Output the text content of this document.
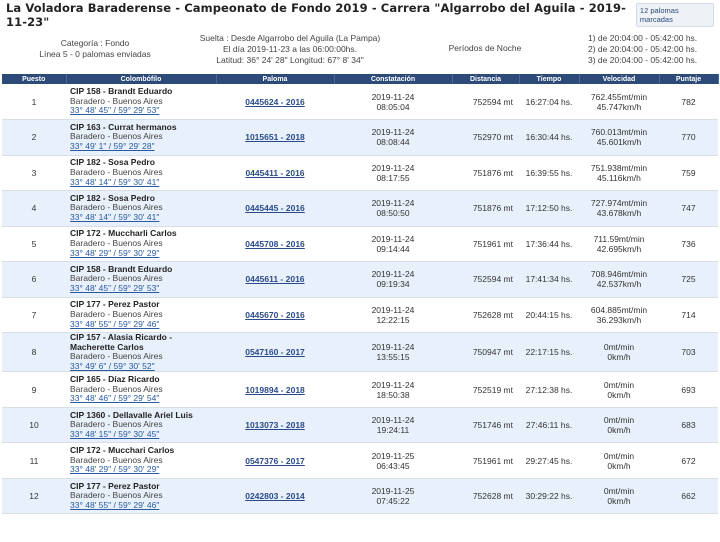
La Voladora Baraderense - Campeonato de Fondo 2019 - Carrera "Algarrobo del Aguila - 2019-11-23"
12 palomas marcadas
Categoría : Fondo
Línea 5 - 0 palomas enviadas
Suelta : Desde Algarrobo del Aguila (La Pampa)
El día 2019-11-23 a las 06:00:00hs.
Latitud: 36° 24' 28" Longitud: 67° 8' 34"
Períodos de Noche
1) de 20:04:00 - 05:42:00 hs.
2) de 20:04:00 - 05:42:00 hs.
3) de 20:04:00 - 05:42:00 hs.
Puesto	Colombófilo	Paloma	Constatación	Distancia	Tiempo	Velocidad	Puntaje
1	CIP 158 - Brandt Eduardo
Baradero - Buenos Aires
33° 48' 45" / 59° 29' 53"	0445624 - 2016	2019-11-24
08:05:04	752594 mt	16:27:04 hs.	762.455mt/min
45.747km/h	782
2	CIP 163 - Currat hermanos
Baradero - Buenos Aires
33° 49' 1" / 59° 29' 28"	1015651 - 2018	2019-11-24
08:08:44	752970 mt	16:30:44 hs.	760.013mt/min
45.601km/h	770
3	CIP 182 - Sosa Pedro
Baradero - Buenos Aires
33° 48' 14" / 59° 30' 41"	0445411 - 2016	2019-11-24
08:17:55	751876 mt	16:39:55 hs.	751.938mt/min
45.116km/h	759
4	CIP 182 - Sosa Pedro
Baradero - Buenos Aires
33° 48' 14" / 59° 30' 41"	0445445 - 2016	2019-11-24
08:50:50	751876 mt	17:12:50 hs.	727.974mt/min
43.678km/h	747
5	CIP 172 - Muccharli Carlos
Baradero - Buenos Aires
33° 48' 29" / 59° 30' 29"	0445708 - 2016	2019-11-24
09:14:44	751961 mt	17:36:44 hs.	711.59mt/min
42.695km/h	736
6	CIP 158 - Brandt Eduardo
Baradero - Buenos Aires
33° 48' 45" / 59° 29' 53"	0445611 - 2016	2019-11-24
09:19:34	752594 mt	17:41:34 hs.	708.946mt/min
42.537km/h	725
7	CIP 177 - Perez Pastor
Baradero - Buenos Aires
33° 48' 55" / 59° 29' 46"	0445670 - 2016	2019-11-24
12:22:15	752628 mt	20:44:15 hs.	604.885mt/min
36.293km/h	714
8	CIP 157 - Alasia Ricardo - Macherette Carlos
Baradero - Buenos Aires
33° 49' 6" / 59° 30' 52"	0547160 - 2017	2019-11-24
13:55:15	750947 mt	22:17:15 hs.	0mt/min
0km/h	703
9	CIP 165 - Díaz Ricardo
Baradero - Buenos Aires
33° 48' 46" / 59° 29' 54"	1019894 - 2018	2019-11-24
18:50:38	752519 mt	27:12:38 hs.	0mt/min
0km/h	693
10	CIP 1360 - Dellavalle Ariel Luis
Baradero - Buenos Aires
33° 48' 15" / 59° 30' 45"	1013073 - 2018	2019-11-24
19:24:11	751746 mt	27:46:11 hs.	0mt/min
0km/h	683
11	CIP 172 - Mucchari Carlos
Baradero - Buenos Aires
33° 48' 29" / 59° 30' 29"	0547376 - 2017	2019-11-25
06:43:45	751961 mt	29:27:45 hs.	0mt/min
0km/h	672
12	CIP 177 - Perez Pastor
Baradero - Buenos Aires
33° 48' 55" / 59° 29' 46"	0242803 - 2014	2019-11-25
07:45:22	752628 mt	30:29:22 hs.	0mt/min
0km/h	662
